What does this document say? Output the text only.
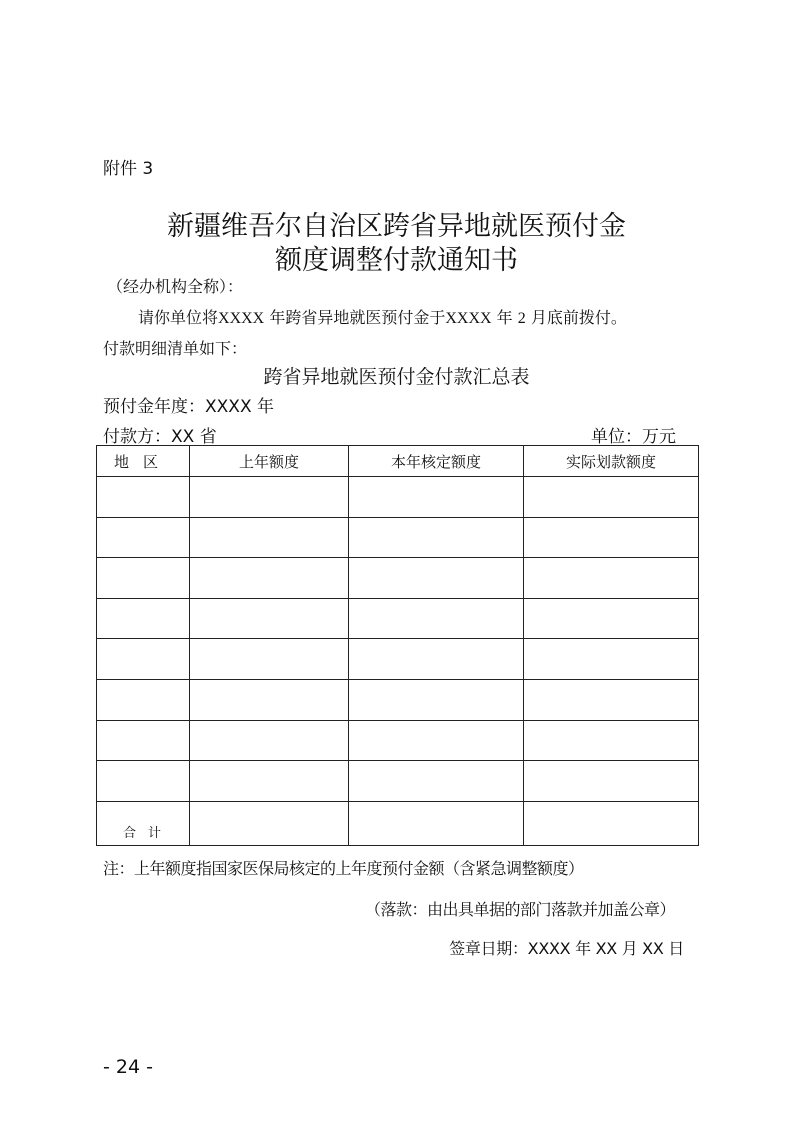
附件 3
新疆维吾尔自治区跨省异地就医预付金
额度调整付款通知书
（经办机构全称）：
请你单位将XXXX 年跨省异地就医预付金于XXXX 年 2 月底前拨付。
付款明细清单如下：
跨省异地就医预付金付款汇总表
预付金年度：XXXX 年
付款方：XX 省	单位：万元
地区	上年额度	本年核定额度	实际划款额度

合计			
注：上年额度指国家医保局核定的上年度预付金额（含紧急调整额度）
（落款：由出具单据的部门落款并加盖公章）
签章日期：XXXX 年 XX 月 XX 日
- 24 -
